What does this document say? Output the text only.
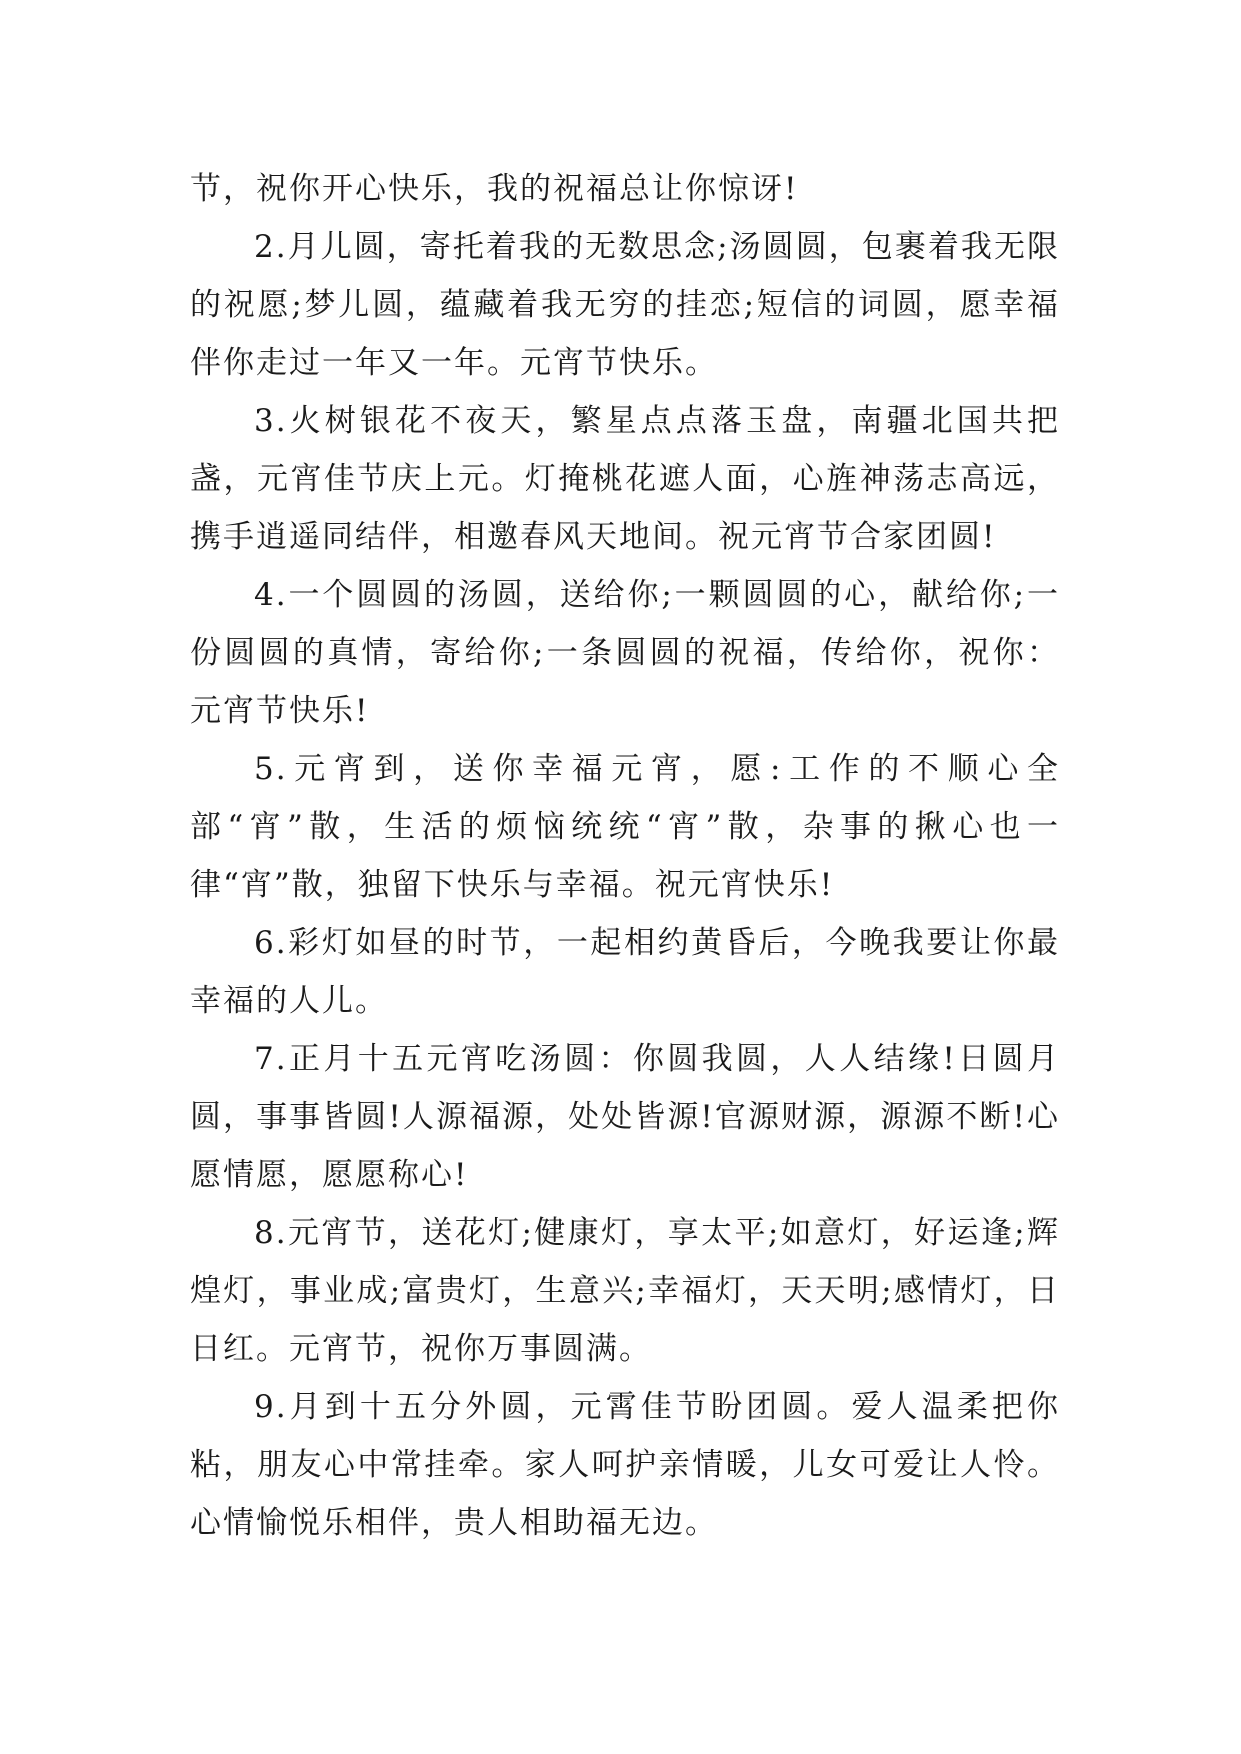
节，祝你开心快乐，我的祝福总让你惊讶!

2.月儿圆，寄托着我的无数思念;汤圆圆，包裹着我无限的祝愿;梦儿圆，蕴藏着我无穷的挂恋;短信的词圆，愿幸福伴你走过一年又一年。元宵节快乐。

3.火树银花不夜天，繁星点点落玉盘，南疆北国共把盏，元宵佳节庆上元。灯掩桃花遮人面，心旌神荡志高远，携手逍遥同结伴，相邀春风天地间。祝元宵节合家团圆!

4.一个圆圆的汤圆，送给你;一颗圆圆的心，献给你;一份圆圆的真情，寄给你;一条圆圆的祝福，传给你，祝你：元宵节快乐!

5.元宵到，送你幸福元宵，愿:工作的不顺心全部“宵”散，生活的烦恼统统“宵”散，杂事的揪心也一律“宵”散，独留下快乐与幸福。祝元宵快乐!

6.彩灯如昼的时节，一起相约黄昏后，今晚我要让你最幸福的人儿。

7.正月十五元宵吃汤圆：你圆我圆，人人结缘!日圆月圆，事事皆圆!人源福源，处处皆源!官源财源，源源不断!心愿情愿，愿愿称心!

8.元宵节，送花灯;健康灯，享太平;如意灯，好运逢;辉煌灯，事业成;富贵灯，生意兴;幸福灯，天天明;感情灯，日日红。元宵节，祝你万事圆满。

9.月到十五分外圆，元霄佳节盼团圆。爱人温柔把你粘，朋友心中常挂牵。家人呵护亲情暖，儿女可爱让人怜。心情愉悦乐相伴，贵人相助福无边。
